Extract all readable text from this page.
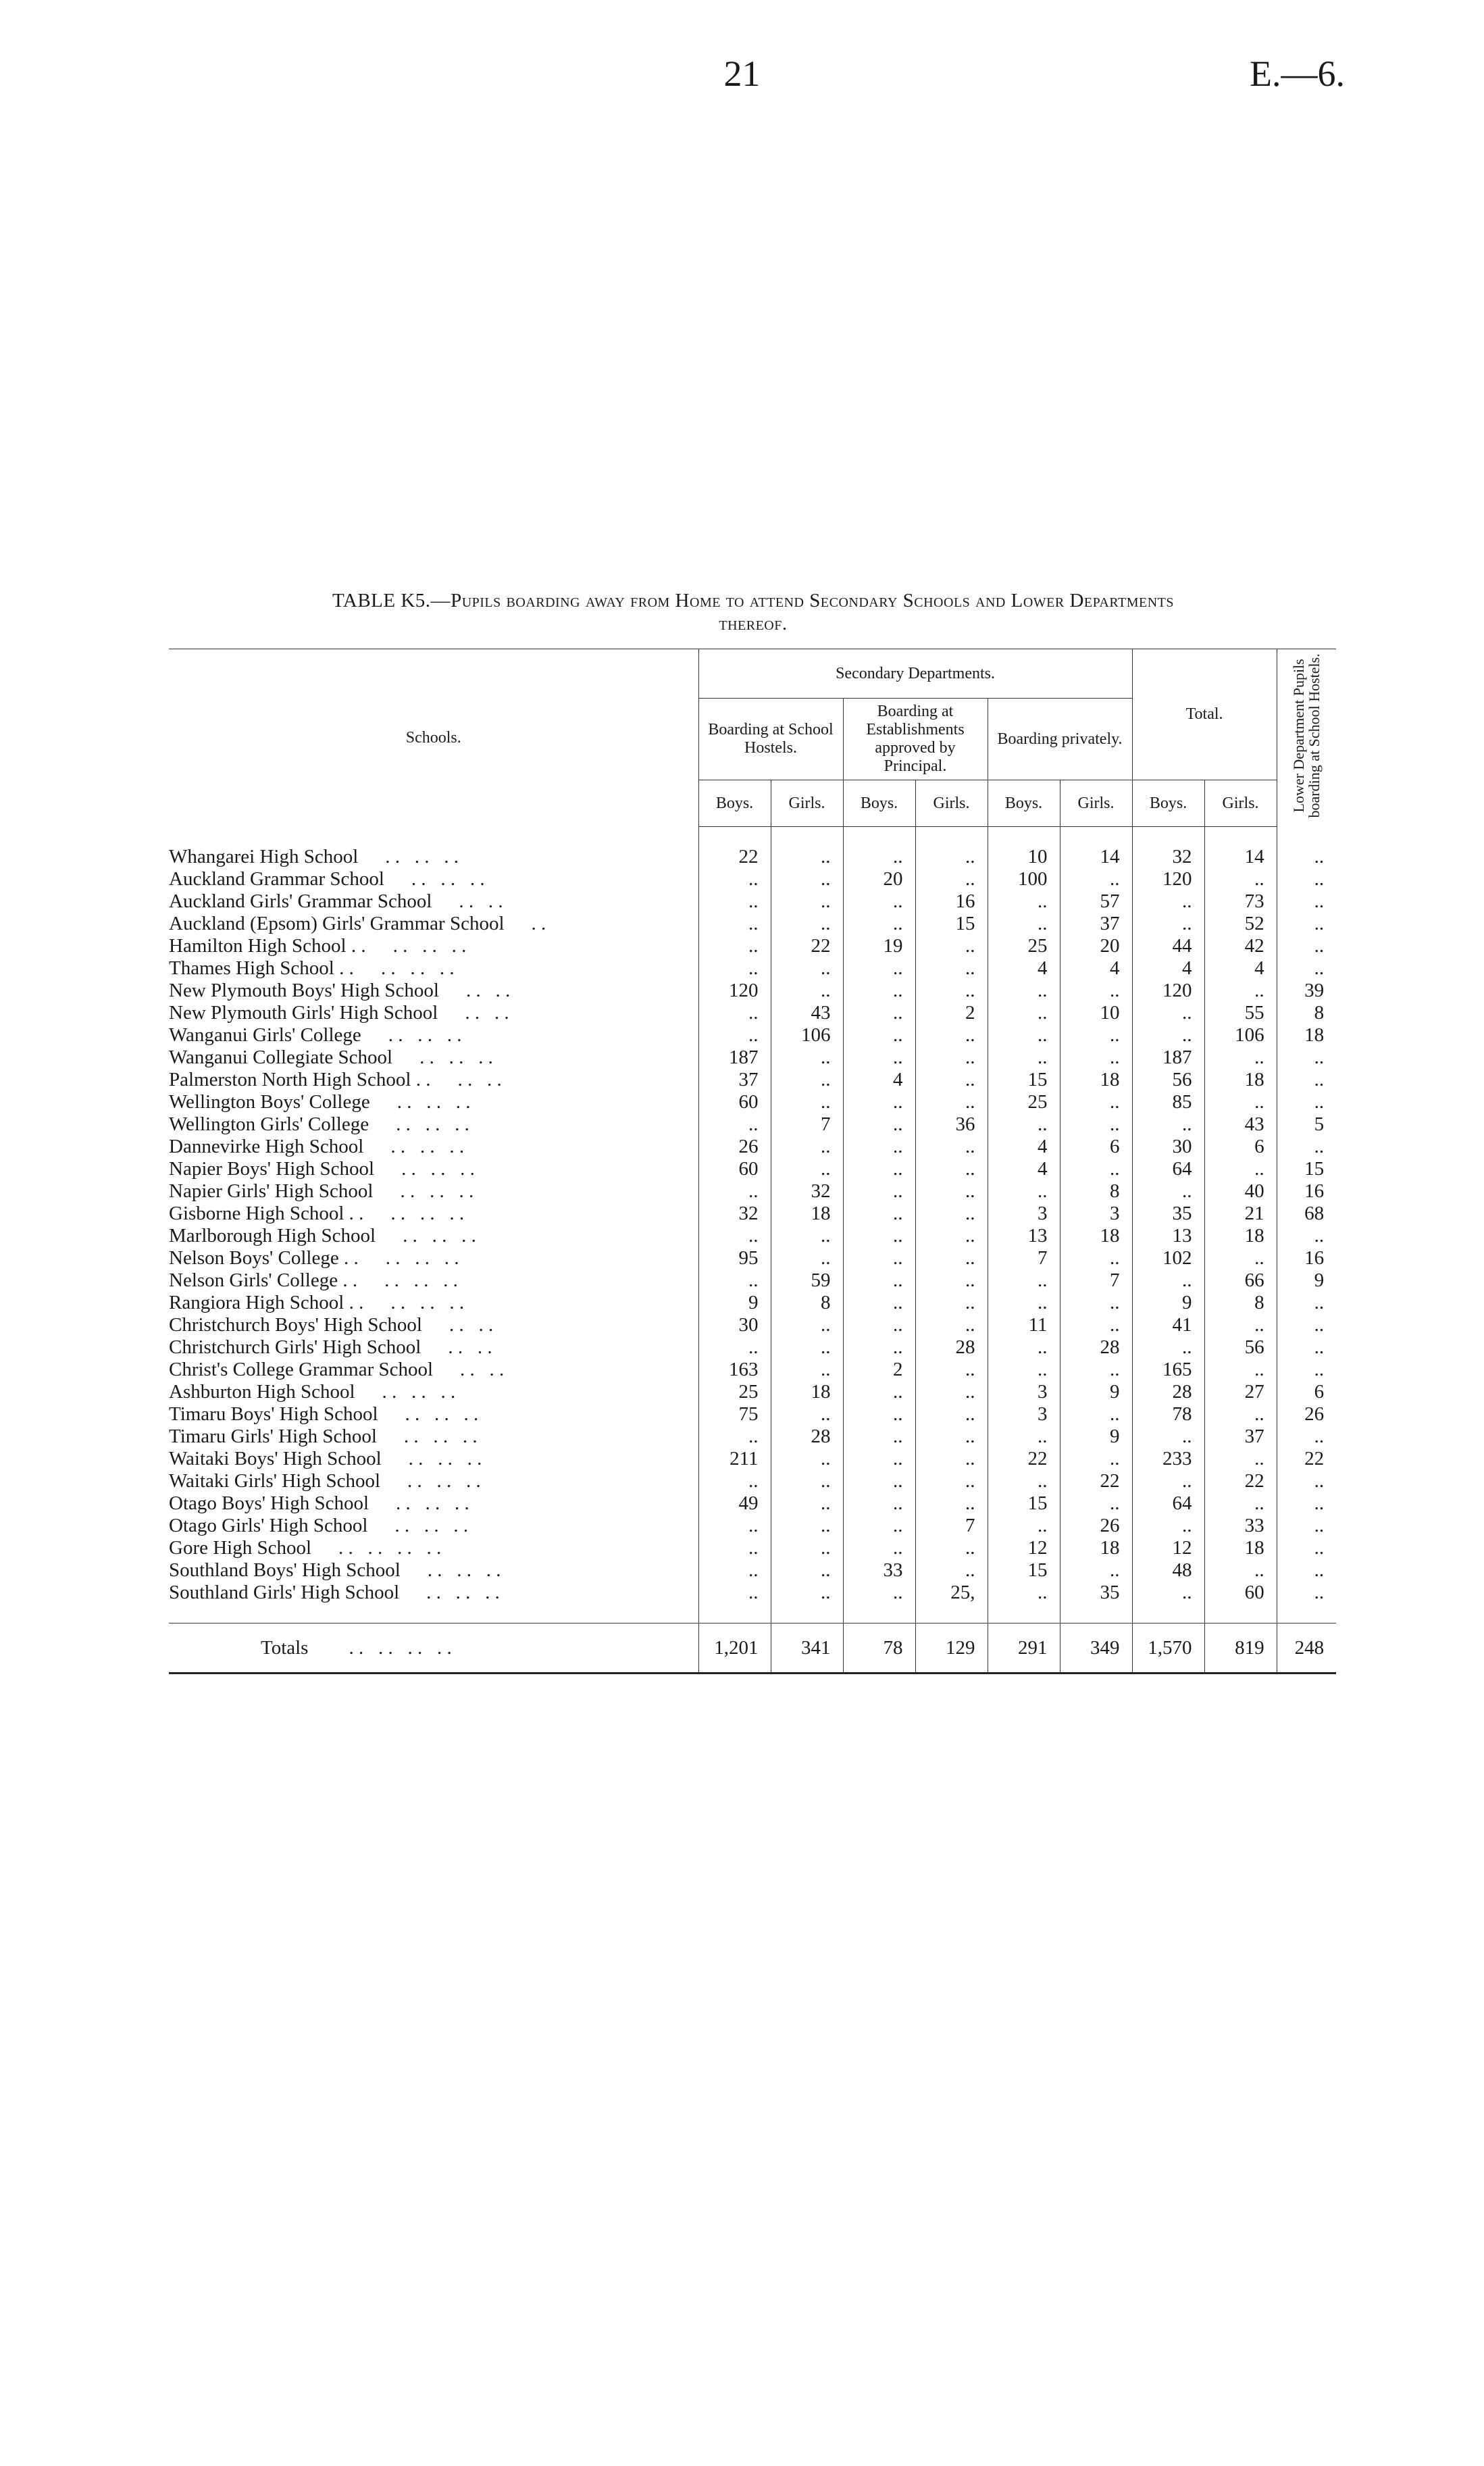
21	E.—6.
TABLE K5.—Pupils boarding away from Home to attend Secondary Schools and Lower Departments
thereof.
Schools.	Secondary Departments.						Total.		Lower Department Pupils boarding at School Hostels.
	Boarding at School Hostels.		Boarding at Establishments approved by Principal.		Boarding privately.				
	Boys.	Girls.	Boys.	Girls.	Boys.	Girls.	Boys.	Girls.	

Whangarei High School . .   . .   . .	22	..	..	..	10	14	32	14	..
Auckland Grammar School . .   . .   . .	..	..	20	..	100	..	120	..	..
Auckland Girls' Grammar School . .   . .	..	..	..	16	..	57	..	73	..
Auckland (Epsom) Girls' Grammar School . .	..	..	..	15	..	37	..	52	..
Hamilton High School . . . .   . .   . .	..	22	19	..	25	20	44	42	..
Thames High School . . . .   . .   . .	..	..	..	..	4	4	4	4	..
New Plymouth Boys' High School . .   . .	120	..	..	..	..	..	120	..	39
New Plymouth Girls' High School . .   . .	..	43	..	2	..	10	..	55	8
Wanganui Girls' College . .   . .   . .	..	106	..	..	..	..	..	106	18
Wanganui Collegiate School . .   . .   . .	187	..	..	..	..	..	187	..	..
Palmerston North High School . . . .   . .	37	..	4	..	15	18	56	18	..
Wellington Boys' College . .   . .   . .	60	..	..	..	25	..	85	..	..
Wellington Girls' College . .   . .   . .	..	7	..	36	..	..	..	43	5
Dannevirke High School . .   . .   . .	26	..	..	..	4	6	30	6	..
Napier Boys' High School . .   . .   . .	60	..	..	..	4	..	64	..	15
Napier Girls' High School . .   . .   . .	..	32	..	..	..	8	..	40	16
Gisborne High School . . . .   . .   . .	32	18	..	..	3	3	35	21	68
Marlborough High School . .   . .   . .	..	..	..	..	13	18	13	18	..
Nelson Boys' College . . . .   . .   . .	95	..	..	..	7	..	102	..	16
Nelson Girls' College . . . .   . .   . .	..	59	..	..	..	7	..	66	9
Rangiora High School . . . .   . .   . .	9	8	..	..	..	..	9	8	..
Christchurch Boys' High School . .   . .	30	..	..	..	11	..	41	..	..
Christchurch Girls' High School . .   . .	..	..	..	28	..	28	..	56	..
Christ's College Grammar School . .   . .	163	..	2	..	..	..	165	..	..
Ashburton High School . .   . .   . .	25	18	..	..	3	9	28	27	6
Timaru Boys' High School . .   . .   . .	75	..	..	..	3	..	78	..	26
Timaru Girls' High School . .   . .   . .	..	28	..	..	..	9	..	37	..
Waitaki Boys' High School . .   . .   . .	211	..	..	..	22	..	233	..	22
Waitaki Girls' High School . .   . .   . .	..	..	..	..	..	22	..	22	..
Otago Boys' High School . .   . .   . .	49	..	..	..	15	..	64	..	..
Otago Girls' High School . .   . .   . .	..	..	..	7	..	26	..	33	..
Gore High School . .   . .   . .   . .	..	..	..	..	12	18	12	18	..
Southland Boys' High School . .   . .   . .	..	..	33	..	15	..	48	..	..
Southland Girls' High School . .   . .   . .	..	..	..	25,	..	35	..	60	..

Totals . .   . .   . .   . .	1,201	341	78	129	291	349	1,570	819	248
